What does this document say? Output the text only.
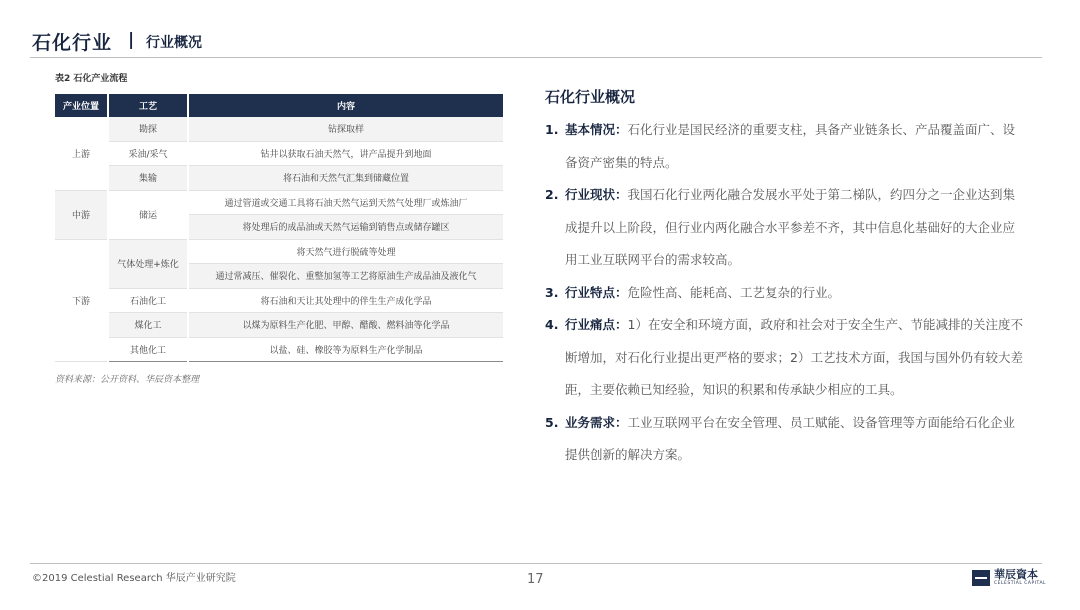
石化行业 | 行业概况
表2 石化产业流程
产业位置	工艺	内容
上游	勘探	钻探取样
	采油/采气	钻井以获取石油天然气，讲产品提升到地面
	集输	将石油和天然气汇集到储藏位置
中游	储运	通过管道或交通工具将石油天然气运到天然气处理厂或炼油厂
		将处理后的成品油或天然气运输到销售点或储存罐区
下游	气体处理+炼化	将天然气进行脱硫等处理
		通过常减压、催裂化、重整加氢等工艺将原油生产成品油及液化气
	石油化工	将石油和天让其处理中的伴生生产成化学品
	煤化工	以煤为原料生产化肥、甲醇、醋酸、燃料油等化学品
	其他化工	以盐、硅、橡胶等为原料生产化学制品
资料来源：公开资料、华辰资本整理
石化行业概况
1. 基本情况：石化行业是国民经济的重要支柱，具备产业链条长、产品覆盖面广、设备资产密集的特点。
2. 行业现状：我国石化行业两化融合发展水平处于第二梯队，约四分之一企业达到集成提升以上阶段，但行业内两化融合水平参差不齐，其中信息化基础好的大企业应用工业互联网平台的需求较高。
3. 行业特点：危险性高、能耗高、工艺复杂的行业。
4. 行业痛点：1）在安全和环境方面，政府和社会对于安全生产、节能减排的关注度不断增加，对石化行业提出更严格的要求；2）工艺技术方面，我国与国外仍有较大差距，主要依赖已知经验，知识的积累和传承缺少相应的工具。
5. 业务需求：工业互联网平台在安全管理、员工赋能、设备管理等方面能给石化企业提供创新的解决方案。
©2019 Celestial Research 华辰产业研究院	17	華辰資本
CELESTIAL CAPITAL
